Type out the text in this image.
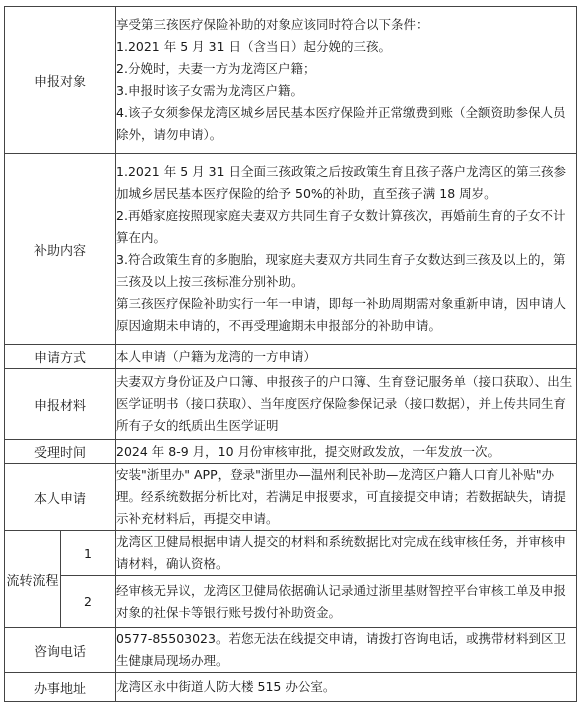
申报对象		享受第三孩医疗保险补助的对象应该同时符合以下条件：

1.2021 年 5 月 31 日（含当日）起分娩的三孩。

2.分娩时，夫妻一方为龙湾区户籍；

3.申报时该子女需为龙湾区户籍。

4.该子女须参保龙湾区城乡居民基本医疗保险并正常缴费到账（全额资助参保人员除外，请勿申请）。

补助内容		1.2021 年 5 月 31 日全面三孩政策之后按政策生育且孩子落户龙湾区的第三孩参加城乡居民基本医疗保险的给予 50%的补助，直至孩子满 18 周岁。

2.再婚家庭按照现家庭夫妻双方共同生育子女数计算孩次，再婚前生育的子女不计算在内。

3.符合政策生育的多胞胎，现家庭夫妻双方共同生育子女数达到三孩及以上的，第三孩及以上按三孩标准分别补助。

第三孩医疗保险补助实行一年一申请，即每一补助周期需对象重新申请，因申请人原因逾期未申请的，不再受理逾期未申报部分的补助申请。

申请方式		本人申请（户籍为龙湾的一方申请）
申报材料		夫妻双方身份证及户口簿、申报孩子的户口簿、生育登记服务单（接口获取）、出生医学证明书（接口获取）、当年度医疗保险参保记录（接口数据），并上传共同生育所有子女的纸质出生医学证明
受理时间		2024 年 8-9 月，10 月份审核审批，提交财政发放，一年发放一次。
本人申请		安装"浙里办" APP，登录"浙里办—温州利民补助—龙湾区户籍人口育儿补贴"办理。经系统数据分析比对，若满足申报要求，可直接提交申请；若数据缺失，请提示补充材料后，再提交申请。
流转流程	1	龙湾区卫健局根据申请人提交的材料和系统数据比对完成在线审核任务，并审核申请材料，确认资格。
	2	经审核无异议，龙湾区卫健局依据确认记录通过浙里基财智控平台审核工单及申报对象的社保卡等银行账号拨付补助资金。
咨询电话		0577-85503023。若您无法在线提交申请，请拨打咨询电话，或携带材料到区卫生健康局现场办理。
办事地址		龙湾区永中街道人防大楼 515 办公室。
